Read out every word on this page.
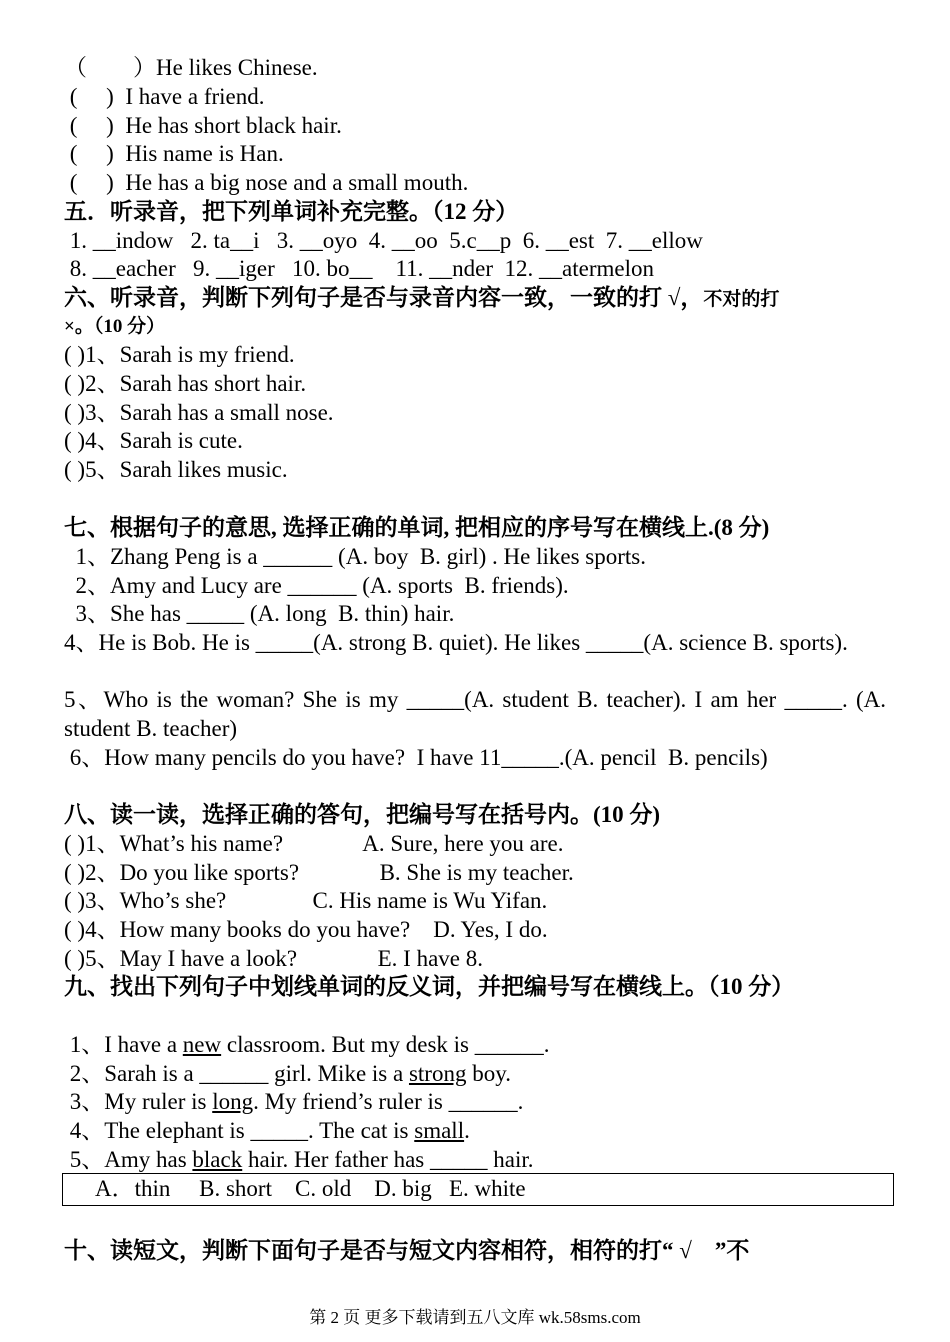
（　　）He likes Chinese.
(　 )  I have a friend.
(　 )  He has short black hair.
(　 )  His name is Han.
(　 )  He has a big nose and a small mouth.
五．听录音，把下列单词补充完整。（12 分）
1. __indow   2. ta__i   3. __oyo  4. __oo  5.c__p  6. __est  7. __ellow
8. __eacher   9. __iger   10. bo__    11. __nder  12. __atermelon
六、听录音，判断下列句子是否与录音内容一致，一致的打 √，不对的打
×。（10 分）
( )1、Sarah is my friend.
( )2、Sarah has short hair.
( )3、Sarah has a small nose.
( )4、Sarah is cute.
( )5、Sarah likes music.
七、根据句子的意思, 选择正确的单词, 把相应的序号写在横线上.(8 分)
1、Zhang Peng is a ______ (A. boy  B. girl) . He likes sports.
2、Amy and Lucy are ______ (A. sports  B. friends).
3、She has _____ (A. long  B. thin) hair.
4、He is Bob. He is _____(A. strong B. quiet). He likes _____(A. science B. sports).
5、Who is the woman? She is my _____(A. student B. teacher). I am her _____. (A. student B. teacher)
6、How many pencils do you have?  I have 11_____.(A. pencil  B. pencils)
八、读一读，选择正确的答句，把编号写在括号内。(10 分)
( )1、What’s his name?              A. Sure, here you are.
( )2、Do you like sports?              B. She is my teacher.
( )3、Who’s she?               C. His name is Wu Yifan.
( )4、How many books do you have?    D. Yes, I do.
( )5、May I have a look?              E. I have 8.
九、找出下列句子中划线单词的反义词，并把编号写在横线上。（10 分）
1、I have a new classroom. But my desk is ______.
2、Sarah is a ______ girl. Mike is a strong boy.
3、My ruler is long. My friend’s ruler is ______.
4、The elephant is _____. The cat is small.
5、Amy has black hair. Her father has _____ hair.
A．thin     B. short    C. old    D. big   E. white
十、读短文，判断下面句子是否与短文内容相符，相符的打“ √    ”不
第 2 页 更多下载请到五八文库 wk.58sms.com
